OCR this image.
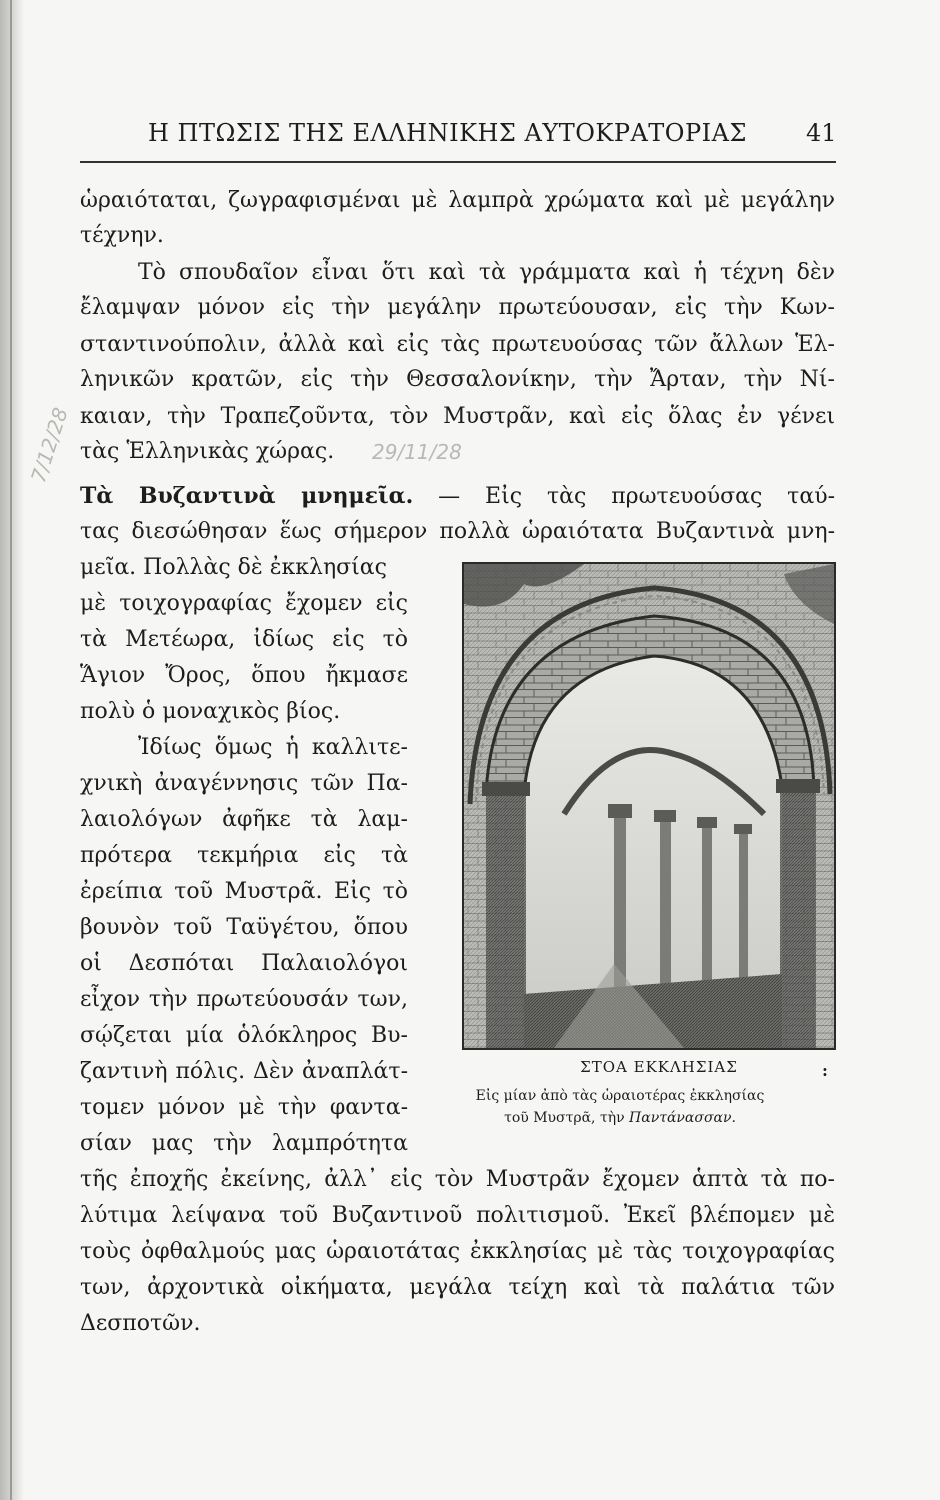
Η ΠΤΩΣΙΣ ΤΗΣ ΕΛΛΗΝΙΚΗΣ ΑΥΤΟΚΡΑΤΟΡΙΑΣ 41
ὡραιόταται, ζωγραφισμέναι μὲ λαμπρὰ χρώματα καὶ μὲ μεγάλην
τέχνην.
Τὸ σπουδαῖον εἶναι ὅτι καὶ τὰ γράμματα καὶ ἡ τέχνη δὲν
ἔλαμψαν μόνον εἰς τὴν μεγάλην πρωτεύουσαν, εἰς τὴν Κων-
σταντινούπολιν, ἀλλὰ καὶ εἰς τὰς πρωτευούσας τῶν ἄλλων Ἑλ-
ληνικῶν κρατῶν, εἰς τὴν Θεσσαλονίκην, τὴν Ἄρταν, τὴν Νί-
καιαν, τὴν Τραπεζοῦντα, τὸν Μυστρᾶν, καὶ εἰς ὅλας ἐν γένει
τὰς Ἑλληνικὰς χώρας.	29/11/28
7/12/28
Τὰ Βυζαντινὰ μνημεῖα. — Εἰς τὰς πρωτευούσας ταύ-
τας διεσώθησαν ἕως σήμερον πολλὰ ὡραιότατα Βυζαντινὰ μνη-
μεῖα. Πολλὰς δὲ ἐκκλησίας
μὲ τοιχογραφίας ἔχομεν εἰς
τὰ Μετέωρα, ἰδίως εἰς τὸ
Ἅγιον Ὄρος, ὅπου ἤκμασε
πολὺ ὁ μοναχικὸς βίος.
Ἰδίως ὅμως ἡ καλλιτε-
χνικὴ ἀναγέννησις τῶν Πα-
λαιολόγων ἀφῆκε τὰ λαμ-
πρότερα τεκμήρια εἰς τὰ
ἐρείπια τοῦ Μυστρᾶ. Εἰς τὸ
βουνὸν τοῦ Ταϋγέτου, ὅπου
οἱ Δεσπόται Παλαιολόγοι
εἶχον τὴν πρωτεύουσάν των,
σῴζεται μία ὁλόκληρος Βυ-
ζαντινὴ πόλις. Δὲν ἀναπλάτ-
τομεν μόνον μὲ τὴν φαντα-
σίαν μας τὴν λαμπρότητα
ΣΤΟΑ ΕΚΚΛΗΣΙΑΣ	:
Εἰς μίαν ἀπὸ τὰς ὡραιοτέρας ἐκκλησίας
τοῦ Μυστρᾶ, τὴν Παντάνασσαν.
τῆς ἐποχῆς ἐκείνης, ἀλλ᾽ εἰς τὸν Μυστρᾶν ἔχομεν ἁπτὰ τὰ πο-
λύτιμα λείψανα τοῦ Βυζαντινοῦ πολιτισμοῦ. Ἐκεῖ βλέπομεν μὲ
τοὺς ὀφθαλμούς μας ὡραιοτάτας ἐκκλησίας μὲ τὰς τοιχογραφίας
των, ἀρχοντικὰ οἰκήματα, μεγάλα τείχη καὶ τὰ παλάτια τῶν
Δεσποτῶν.
